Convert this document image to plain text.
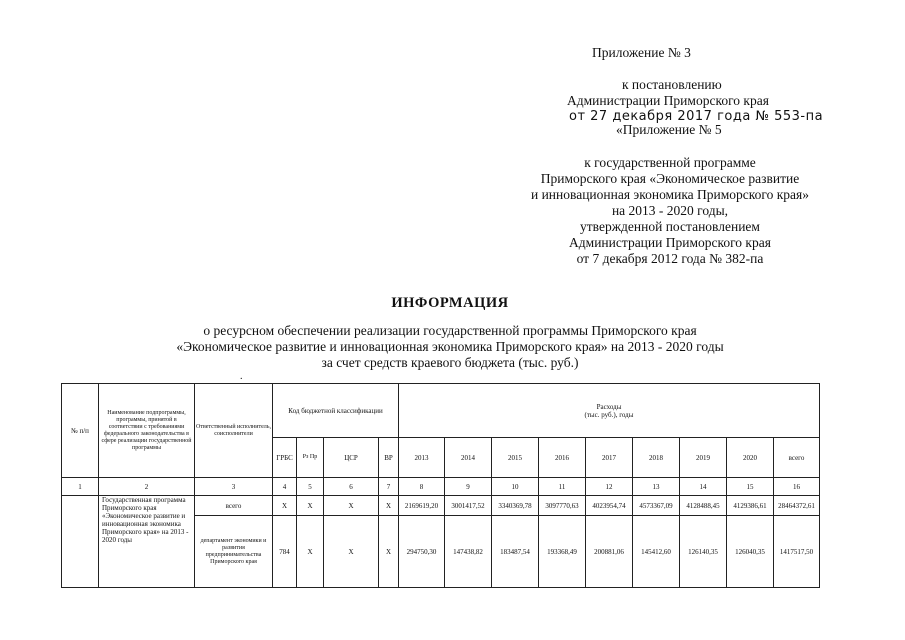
Приложение № 3
к постановлению
Администрации Приморского края
от 27 декабря 2017 года № 553-па
«Приложение № 5
к государственной программе
Приморского края «Экономическое развитие
и инновационная экономика Приморского края»
на 2013 - 2020 годы,
утвержденной постановлением
Администрации Приморского края
от 7 декабря 2012 года № 382-па
ИНФОРМАЦИЯ
о ресурсном обеспечении реализации государственной программы Приморского края
«Экономическое развитие и инновационная экономика Приморского края» на 2013 - 2020 годы
за счет средств краевого бюджета (тыс. руб.)
.
№ п/п	Наименование подпрограммы, программы, принятой в соответствии с требованиями федерального законодательства в сфере реализации государственной программы	Ответственный исполнитель, соисполнители	Код бюджетной классификации				Расходы
(тыс. руб.), годы								

			ГРБС	Рз Пр	ЦСР	ВР	2013	2014	2015	2016	2017	2018	2019	2020	всего
1	2	3	4	5	6	7	8	9	10	11	12	13	14	15	16
	Государственная программа Приморского края «Экономическое развитие и инновационная экономика Приморского края» на 2013 - 2020 годы	всего	X	X	X	X	2169619,20	3001417,52	3340369,78	3097770,63	4023954,74	4573367,09	4128488,45	4129386,61	28464372,61
		департамент экономики и развития предпринимательства Приморского края	784	X	X	X	294750,30	147438,82	183487,54	193368,49	200881,06	145412,60	126140,35	126040,35	1417517,50
